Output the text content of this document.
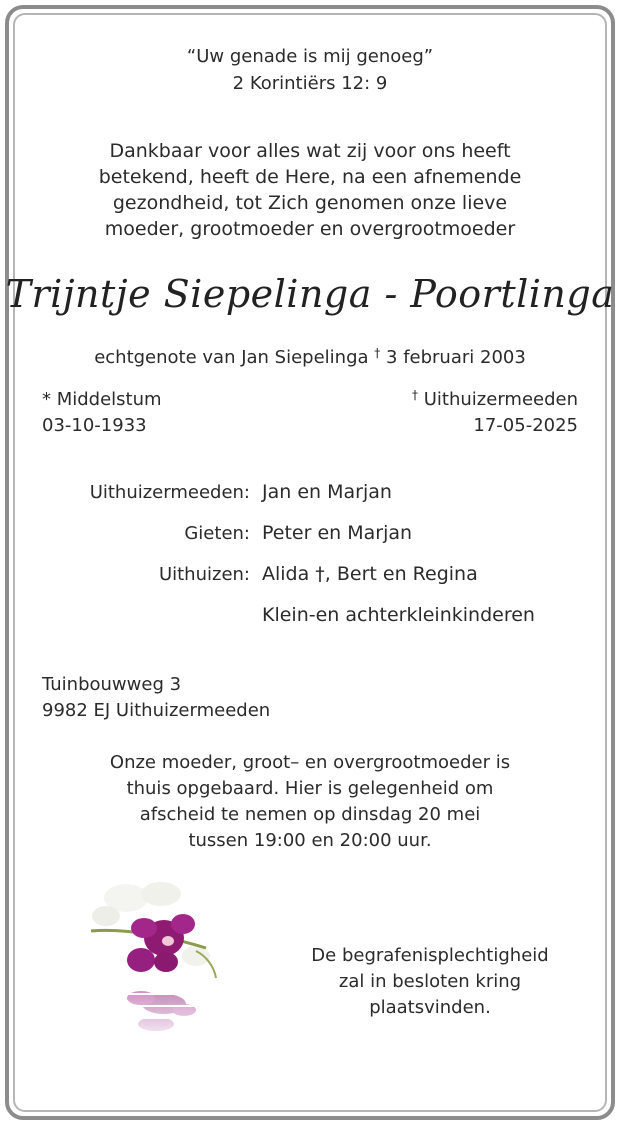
“Uw genade is mij genoeg”
2 Korintiërs 12: 9
Dankbaar voor alles wat zij voor ons heeft
betekend, heeft de Here, na een afnemende
gezondheid, tot Zich genomen onze lieve
moeder, grootmoeder en overgrootmoeder
Trijntje Siepelinga - Poortlinga
echtgenote van Jan Siepelinga † 3 februari 2003
* Middelstum
03-10-1933
† Uithuizermeeden
17-05-2025
Uithuizermeeden: Jan en Marjan
Gieten: Peter en Marjan
Uithuizen: Alida †, Bert en Regina
Klein-en achterkleinkinderen
Tuinbouwweg 3
9982 EJ Uithuizermeeden
Onze moeder, groot– en overgrootmoeder is
thuis opgebaard. Hier is gelegenheid om
afscheid te nemen op dinsdag 20 mei
tussen 19:00 en 20:00 uur.
De begrafenisplechtigheid
zal in besloten kring
plaatsvinden.
